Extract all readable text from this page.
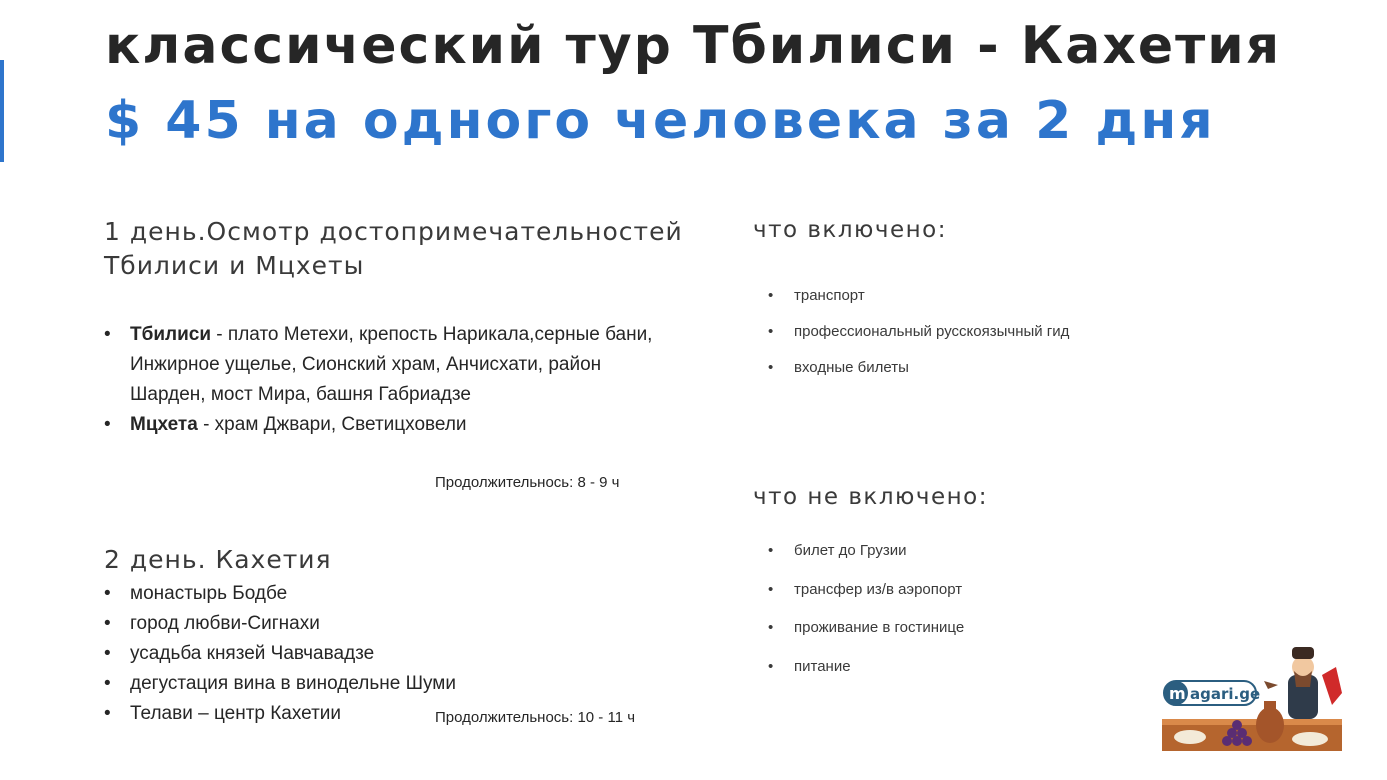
классический тур Тбилиси - Кахетия
$ 45 на одного человека за 2 дня
1 день.Осмотр достопримечательностей Тбилиси и Мцхеты
• Тбилиси - плато Метехи, крепость Нарикала,серные бани, Инжирное ущелье, Сионский храм, Анчисхати, район Шарден, мост Мира, башня Габриадзе
• Мцхета - храм Джвари, Светицховели
Продолжительнось: 8 - 9 ч
2 день. Кахетия
• монастырь Бодбе
• город любви-Сигнахи
• усадьба князей Чавчавадзе
• дегустация вина в винодельне Шуми
• Телави – центр Кахетии	Продолжительнось: 10 - 11 ч
что включено:
• транспорт
• профессиональный русскоязычный гид
• входные билеты
что не включено:
• билет до Грузии
• трансфер из/в аэропорт
• проживание в гостинице
• питание
m agari.ge
